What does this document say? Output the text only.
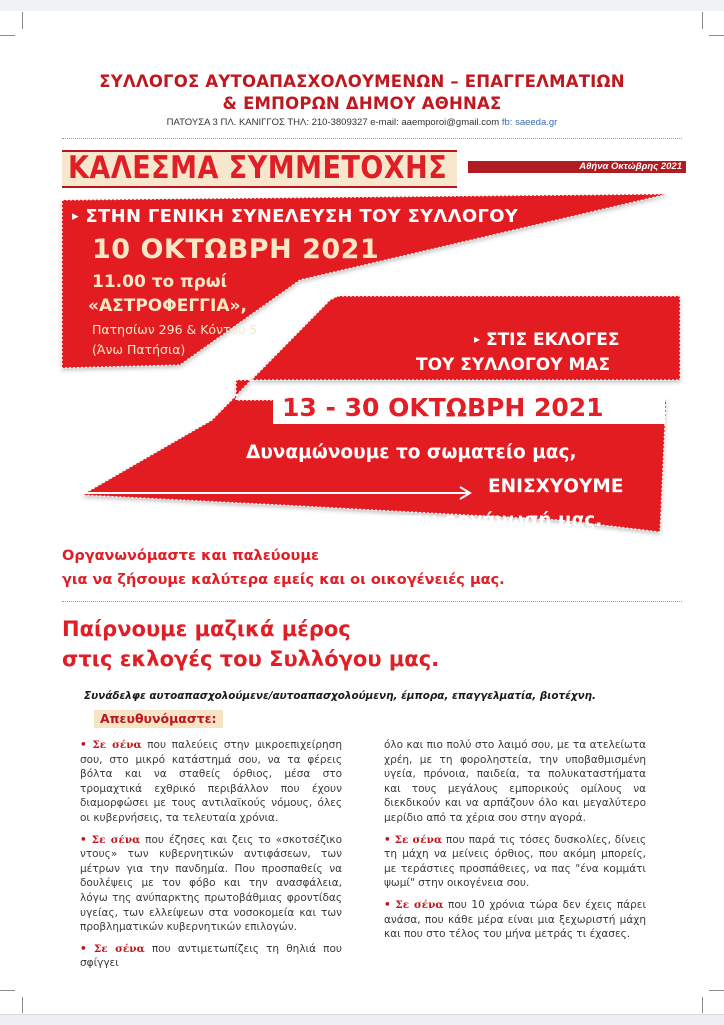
ΣΥΛΛΟΓΟΣ ΑΥΤΟΑΠΑΣΧΟΛΟΥΜΕΝΩΝ – ΕΠΑΓΓΕΛΜΑΤΙΩΝ
& ΕΜΠΟΡΩΝ ΔΗΜΟΥ ΑΘΗΝΑΣ
ΠΑΤΟΥΣΑ 3 ΠΛ. ΚΑΝΙΓΓΟΣ ΤΗΛ: 210-3809327 e-mail: aaemporoi@gmail.com fb: saeeda.gr
ΚΑΛΕΣΜΑ ΣΥΜΜΕΤΟΧΗΣ	Αθήνα Οκτώβρης 2021
▸ ΣΤΗΝ ΓΕΝΙΚΗ ΣΥΝΕΛΕΥΣΗ ΤΟΥ ΣΥΛΛΟΓΟΥ
10 ΟΚΤΩΒΡΗ 2021
11.00 το πρωί
«ΑΣΤΡΟΦΕΓΓΙΑ»,
Πατησίων 296 & Κόντου 5
(Άνω Πατήσια)
▸ ΣΤΙΣ ΕΚΛΟΓΕΣ
ΤΟΥ ΣΥΛΛΟΓΟΥ ΜΑΣ
13 - 30 ΟΚΤΩΒΡΗ 2021
Δυναμώνουμε το σωματείο μας,
ΕΝΙΣΧΥΟΥΜΕ
την οργάνωσή μας.
Οργανωνόμαστε και παλεύουμε
για να ζήσουμε καλύτερα εμείς και οι οικογένειές μας.
Παίρνουμε μαζικά μέρος
στις εκλογές του Συλλόγου μας.
Συνάδελφε αυτοαπασχολούμενε/αυτοαπασχολούμενη, έμπορα, επαγγελματία, βιοτέχνη.
Απευθυνόμαστε:

• Σε σένα που παλεύεις στην μικροεπιχείρηση σου, στο μικρό κατάστημά σου, να τα φέρεις βόλτα και να σταθείς όρθιος, μέσα στο τρομαχτικά εχθρικό περιβάλλον που έχουν διαμορφώσει με τους αντιλαϊκούς νόμους, όλες οι κυβερνήσεις, τα τελευταία χρόνια.

• Σε σένα που έζησες και ζεις το «σκοτσέζικο ντους» των κυβερνητικών αντιφάσεων, των μέτρων για την πανδημία. Που προσπαθείς να δουλέψεις με τον φόβο και την ανασφάλεια, λόγω της ανύπαρκτης πρωτοβάθμιας φροντίδας υγείας, των ελλείψεων στα νοσοκομεία και των προβληματικών κυβερνητικών επιλογών.

• Σε σένα που αντιμετωπίζεις τη θηλιά που σφίγγει

όλο και πιο πολύ στο λαιμό σου, με τα ατελείωτα χρέη, με τη φοροληστεία, την υποβαθμισμένη υγεία, πρόνοια, παιδεία, τα πολυκαταστήματα και τους μεγάλους εμπορικούς ομίλους να διεκδικούν και να αρπάζουν όλο και μεγαλύτερο μερίδιο από τα χέρια σου στην αγορά.

• Σε σένα που παρά τις τόσες δυσκολίες, δίνεις τη μάχη να μείνεις όρθιος, που ακόμη μπορείς, με τεράστιες προσπάθειες, να πας "ένα κομμάτι ψωμί" στην οικογένεια σου.

• Σε σένα που 10 χρόνια τώρα δεν έχεις πάρει ανάσα, που κάθε μέρα είναι μια ξεχωριστή μάχη και που στο τέλος του μήνα μετράς τι έχασες.
